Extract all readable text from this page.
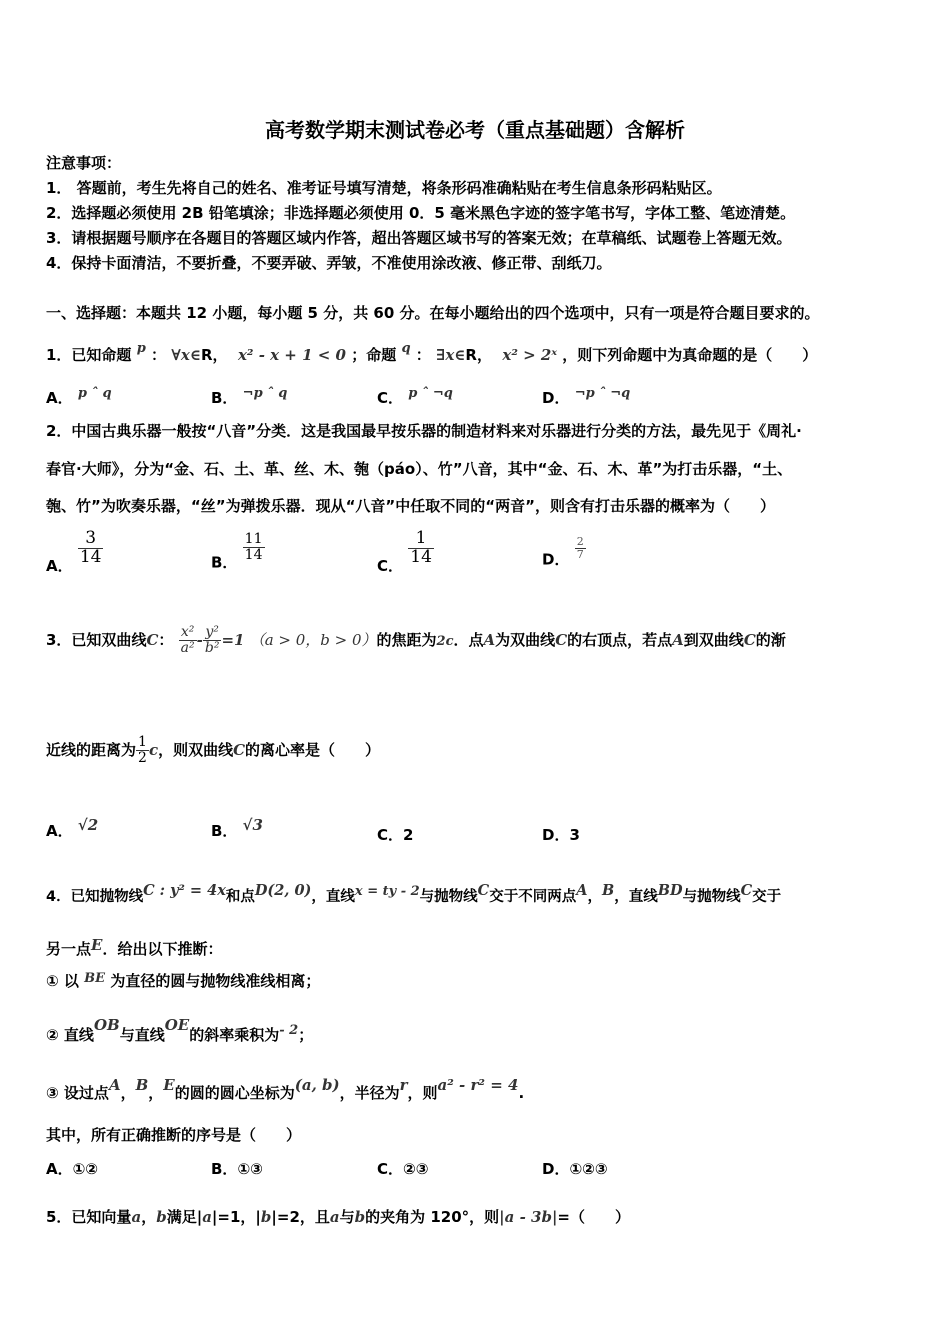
高考数学期末测试卷必考（重点基础题）含解析
注意事项：
1． 答题前，考生先将自己的姓名、准考证号填写清楚，将条形码准确粘贴在考生信息条形码粘贴区。
2．选择题必须使用 2B 铅笔填涂；非选择题必须使用 0．5 毫米黑色字迹的签字笔书写，字体工整、笔迹清楚。
3．请根据题号顺序在各题目的答题区域内作答，超出答题区域书写的答案无效；在草稿纸、试题卷上答题无效。
4．保持卡面清洁，不要折叠，不要弄破、弄皱，不准使用涂改液、修正带、刮纸刀。
一、选择题：本题共 12 小题，每小题 5 分，共 60 分。在每小题给出的四个选项中，只有一项是符合题目要求的。
1．已知命题 p ： ∀x∈R， x² - x + 1 < 0 ；命题 q ： ∃x∈R， x² > 2ˣ ，则下列命题中为真命题的是（　　）
A． p ˆ q	B． ¬p ˆ q	C． p ˆ ¬q	D． ¬p ˆ ¬q
2．中国古典乐器一般按“八音”分类．这是我国最早按乐器的制造材料来对乐器进行分类的方法，最先见于《周礼·
春官·大师》，分为“金、石、土、革、丝、木、匏（páo）、竹”八音，其中“金、石、木、革”为打击乐器，“土、
匏、竹”为吹奏乐器，“丝”为弹拨乐器．现从“八音”中任取不同的“两音”，则含有打击乐器的概率为（　　）
A． $\frac{3}{14}$	B．
$\frac{11}{14}$
C． $\frac{1}{14}$	D． $\frac{2}{7}$
3．已知双曲线C： $\frac{\text{x²}}{\text{a²}} - \frac{\text{y²}}{\text{b²}} =1$ （a > 0，b > 0）的焦距为2c．点A为双曲线C的右顶点，若点A到双曲线C的渐
近线的距离为 $\frac{1}{2}$ c，则双曲线C的离心率是（　　）
A． √2	B． √3
C．2	D．3
4．已知抛物线C : y² = 4x和点D(2, 0)，直线x = ty - 2与抛物线C交于不同两点A，B，直线BD与抛物线C交于
另一点E．给出以下推断：
① 以 BE 为直径的圆与抛物线准线相离；
② 直线OB与直线OE的斜率乘积为- 2；
③ 设过点A，B，E的圆的圆心坐标为(a, b)，半径为r，则a² - r² = 4.
其中，所有正确推断的序号是（　　）
A．①②	B．①③	C．②③	D．①②③
5．已知向量a，b满足|a|=1，|b|=2，且a与b的夹角为 120°，则|a - 3b|=（　　）
